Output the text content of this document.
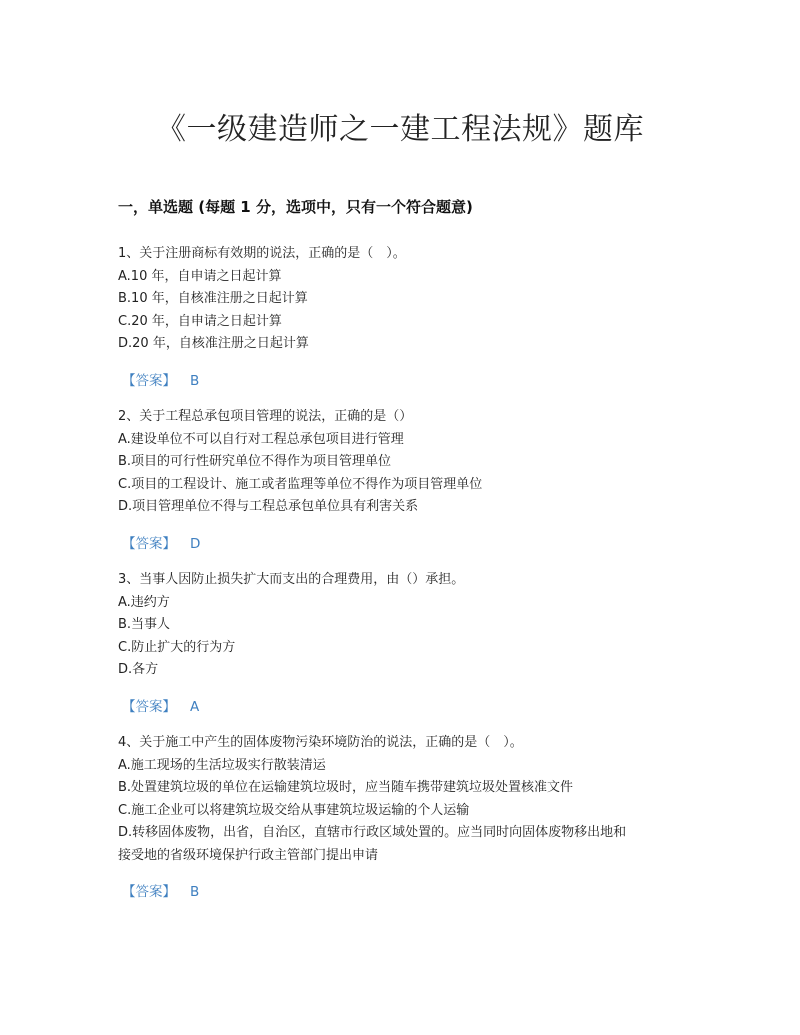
《一级建造师之一建工程法规》题库
一，单选题 (每题 1 分，选项中，只有一个符合题意)
1、关于注册商标有效期的说法，正确的是（　）。
A.10 年，自申请之日起计算
B.10 年，自核准注册之日起计算
C.20 年，自申请之日起计算
D.20 年，自核准注册之日起计算
【答案】 B
2、关于工程总承包项目管理的说法，正确的是（）
A.建设单位不可以自行对工程总承包项目进行管理
B.项目的可行性研究单位不得作为项目管理单位
C.项目的工程设计、施工或者监理等单位不得作为项目管理单位
D.项目管理单位不得与工程总承包单位具有利害关系
【答案】 D
3、当事人因防止损失扩大而支出的合理费用，由（）承担。
A.违约方
B.当事人
C.防止扩大的行为方
D.各方
【答案】 A
4、关于施工中产生的固体废物污染环境防治的说法，正确的是（　）。
A.施工现场的生活垃圾实行散装清运
B.处置建筑垃圾的单位在运输建筑垃圾时，应当随车携带建筑垃圾处置核准文件
C.施工企业可以将建筑垃圾交给从事建筑垃圾运输的个人运输
D.转移固体废物，出省，自治区，直辖市行政区域处置的。应当同时向固体废物移出地和
接受地的省级环境保护行政主管部门提出申请
【答案】 B
